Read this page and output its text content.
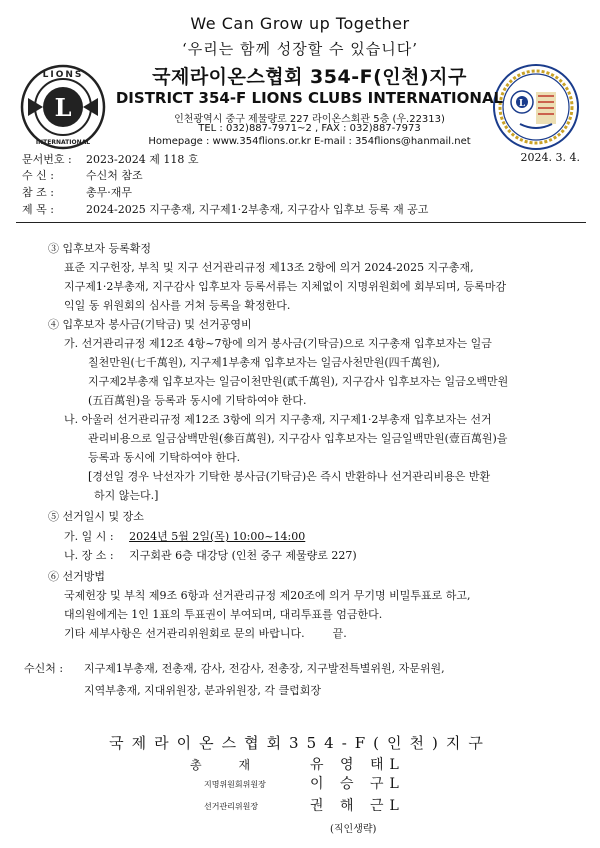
We Can Grow up Together
‘우리는 함께 성장할 수 있습니다’
L
LIONS
INTERNATIONAL
L
국제라이온스협회 354-F(인천)지구
DISTRICT 354-F LIONS CLUBS INTERNATIONAL
인천광역시 중구 제물량로 227 라이온스회관 5층 (우.22313)
TEL : 032)887-7971~2 , FAX : 032)887-7973
Homepage : www.354flions.or.kr E-mail : 354flions@hanmail.net
문서번호 : 2023-2024 제 118 호	2024. 3. 4.
수 신 :	수신처 참조
참 조 :	총무·재무
제 목 :	2024-2025 지구총재, 지구제1·2부총재, 지구감사 입후보 등록 재 공고
③ 입후보자 등록확정
표준 지구헌장, 부칙 및 지구 선거관리규정 제13조 2항에 의거 2024-2025 지구총재,
지구제1·2부총재, 지구감사 입후보자 등록서류는 지체없이 지명위원회에 회부되며, 등록마감
익일 동 위원회의 심사를 거쳐 등록을 확정한다.
④ 입후보자 봉사금(기탁금) 및 선거공영비
가. 선거관리규정 제12조 4항~7항에 의거 봉사금(기탁금)으로 지구총재 입후보자는 일금
칠천만원(七千萬원), 지구제1부총재 입후보자는 일금사천만원(四千萬원),
지구제2부총재 입후보자는 일금이천만원(貳千萬원), 지구감사 입후보자는 일금오백만원
(五百萬원)을 등록과 동시에 기탁하여야 한다.
나. 아울러 선거관리규정 제12조 3항에 의거 지구총재, 지구제1·2부총재 입후보자는 선거
관리비용으로 일금삼백만원(參百萬원), 지구감사 입후보자는 일금일백만원(壹百萬원)을
등록과 동시에 기탁하여야 한다.
[경선일 경우 낙선자가 기탁한 봉사금(기탁금)은 즉시 반환하나 선거관리비용은 반환
하지 않는다.]
⑤ 선거일시 및 장소
가. 일 시 : 2024년 5월 2일(목) 10:00~14:00
나. 장 소 : 지구회관 6층 대강당 (인천 중구 제물량로 227)
⑥ 선거방법
국제헌장 및 부칙 제9조 6항과 선거관리규정 제20조에 의거 무기명 비밀투표로 하고,
대의원에게는 1인 1표의 투표권이 부여되며, 대리투표를 엄금한다.
기타 세부사항은 선거관리위원회로 문의 바랍니다.        끝.
수신처 : 지구제1부총재, 전총재, 감사, 전감사, 전총장, 지구발전특별위원, 자문위원,
지역부총재, 지대위원장, 분과위원장, 각 클럽회장
국제라이온스협회354-F(인천)지구
총      재	유 영 태L
지명위원회위원장	이 승 구L
선거관리위원장	권 해 근L
(직인생략)
